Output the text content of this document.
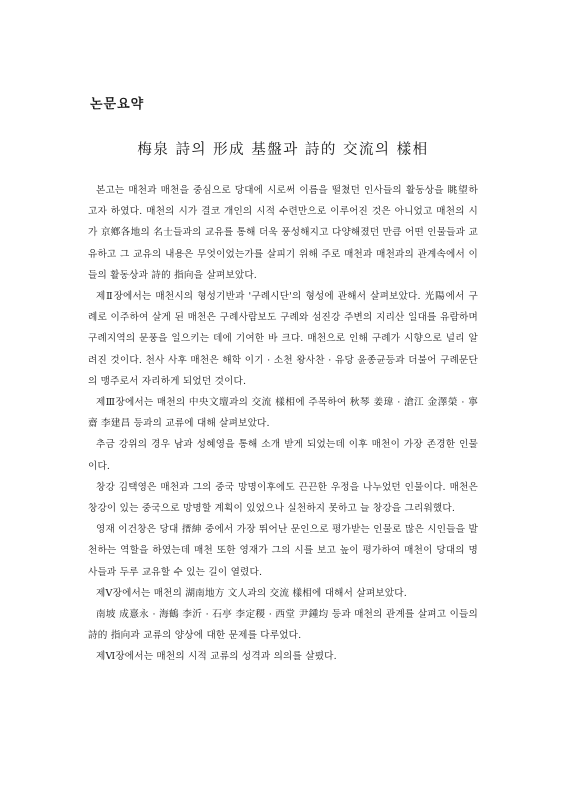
논문요약
梅泉 詩의 形成 基盤과 詩的 交流의 樣相

본고는 매천과 매천을 중심으로 당대에 시로써 이름을 떨쳤던 인사들의 활동상을 眺望하고자 하였다. 매천의 시가 결코 개인의 시적 수련만으로 이루어진 것은 아니었고 매천의 시가 京鄕各地의 名士들과의 교유를 통해 더욱 풍성해지고 다양해졌던 만큼 어떤 인물들과 교유하고 그 교유의 내용은 무엇이었는가를 살피기 위해 주로 매천과 매천과의 관계속에서 이들의 활동상과 詩的 指向을 살펴보았다.

제Ⅱ장에서는 매천시의 형성기반과 '구례시단'의 형성에 관해서 살펴보았다. 光陽에서 구례로 이주하여 살게 된 매천은 구례사람보도 구례와 섬진강 주변의 지리산 일대를 유람하며 구례지역의 문풍을 일으키는 데에 기여한 바 크다. 매천으로 인해 구례가 시향으로 널리 알려진 것이다. 천사 사후 매천은 해학 이기 · 소천 왕사찬 · 유당 윤종균등과 더불어 구례문단의 맹주로서 자리하게 되었던 것이다.

제Ⅲ장에서는 매천의 中央文壇과의 交流 樣相에 주목하여 秋琴 姜瑋 · 滄江 金澤榮 · 寧齋 李建昌 등과의 교류에 대해 살펴보았다.

추금 강위의 경우 남과 성혜영을 통해 소개 받게 되었는데 이후 매천이 가장 존경한 인물이다.

창강 김택영은 매천과 그의 중국 망명이후에도 끈끈한 우정을 나누었던 인물이다. 매천은 창강이 있는 중국으로 망명할 계획이 있었으나 실천하지 못하고 늘 창강을 그리워했다.

영재 이건창은 당대 搢紳 중에서 가장 뛰어난 문인으로 평가받는 인물로 많은 시인들을 발천하는 역할을 하였는데 매천 또한 영재가 그의 시를 보고 높이 평가하여 매천이 당대의 명사들과 두루 교유할 수 있는 길이 열렸다.

제Ⅴ장에서는 매천의 湖南地方 文人과의 交流 樣相에 대해서 살펴보았다.

南坡 成憙永 · 海鶴 李沂 · 石亭 李定稷 · 西堂 尹鍾均 등과 매천의 관계를 살펴고 이들의 詩的 指向과 교류의 양상에 대한 문제를 다루었다.

제Ⅵ장에서는 매천의 시적 교류의 성격과 의의를 살폈다.
